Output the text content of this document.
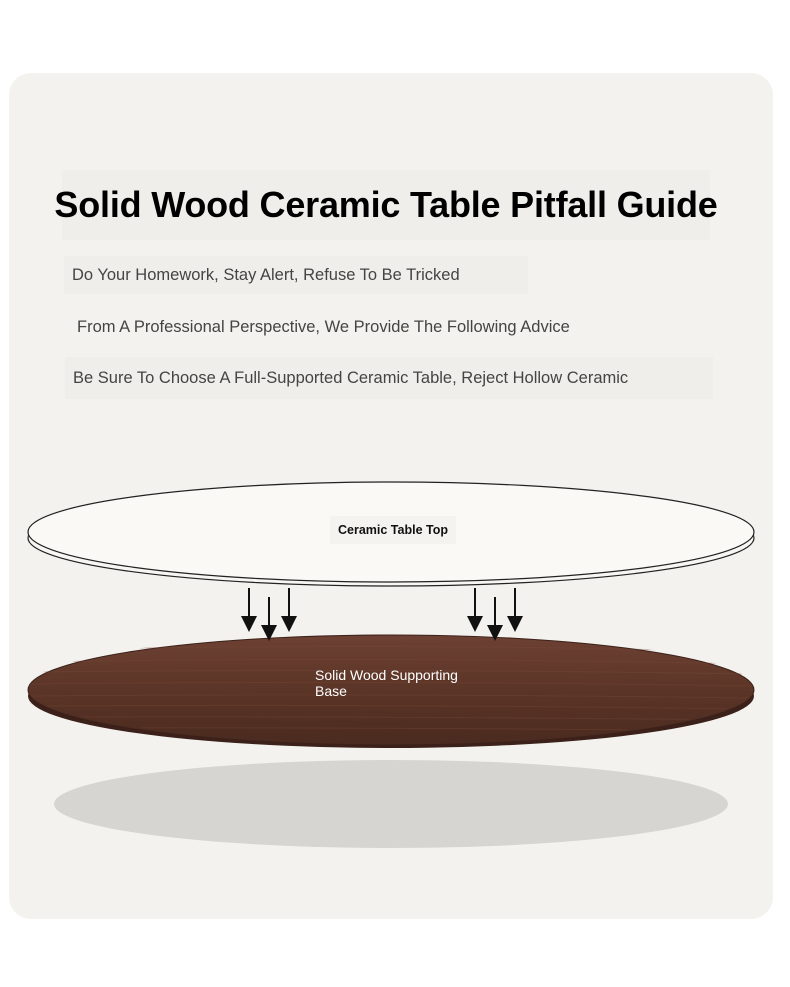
Solid Wood Ceramic Table Pitfall Guide
Do Your Homework, Stay Alert, Refuse To Be Tricked
From A Professional Perspective, We Provide The Following Advice
Be Sure To Choose A Full-Supported Ceramic Table, Reject Hollow Ceramic
Ceramic Table Top
Solid Wood Supporting Base
